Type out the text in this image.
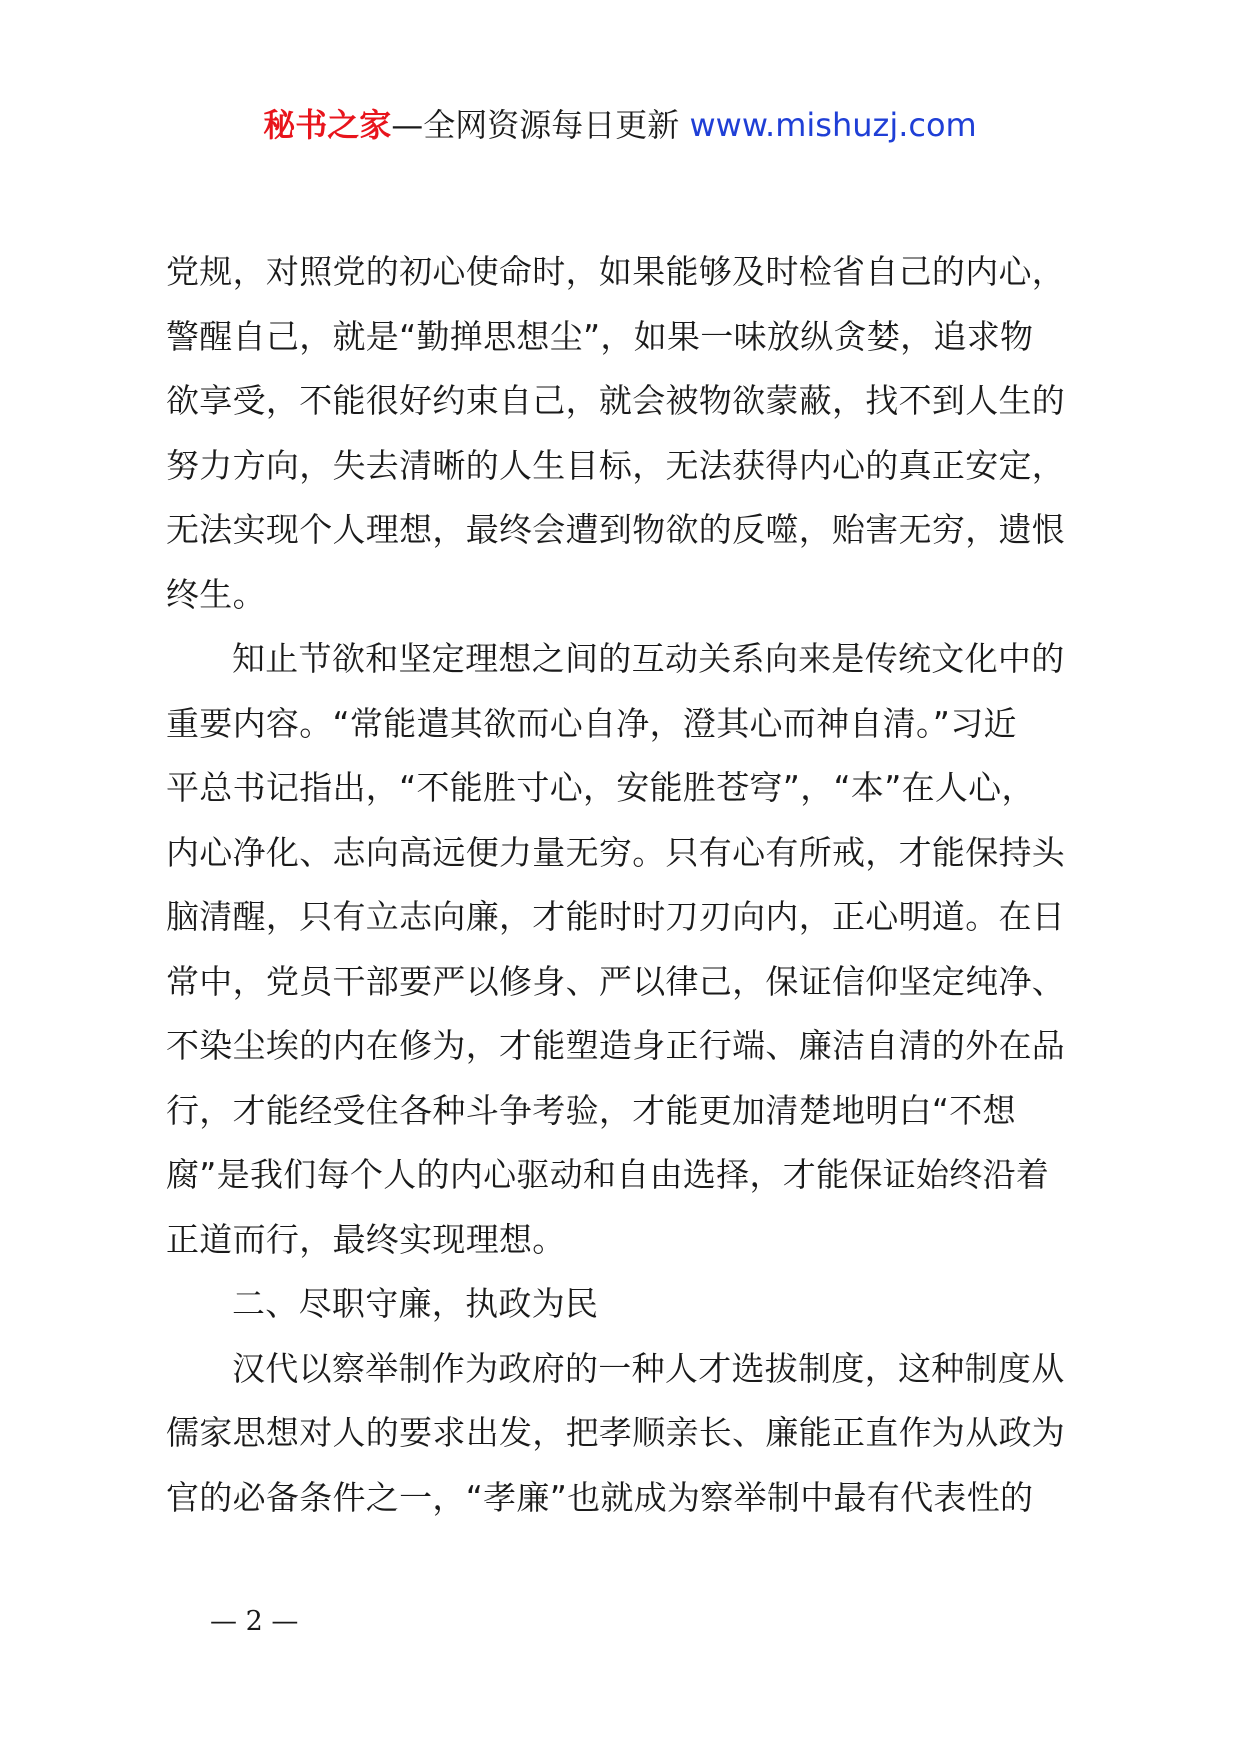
秘书之家—全网资源每日更新 www.mishuzj.com
党规，对照党的初心使命时，如果能够及时检省自己的内心，
警醒自己，就是“勤掸思想尘”，如果一味放纵贪婪，追求物
欲享受，不能很好约束自己，就会被物欲蒙蔽，找不到人生的
努力方向，失去清晰的人生目标，无法获得内心的真正安定，
无法实现个人理想，最终会遭到物欲的反噬，贻害无穷，遗恨
终生。
知止节欲和坚定理想之间的互动关系向来是传统文化中的
重要内容。“常能遣其欲而心自净，澄其心而神自清。”习近
平总书记指出，“不能胜寸心，安能胜苍穹”，“本”在人心，
内心净化、志向高远便力量无穷。只有心有所戒，才能保持头
脑清醒，只有立志向廉，才能时时刀刃向内，正心明道。在日
常中，党员干部要严以修身、严以律己，保证信仰坚定纯净、
不染尘埃的内在修为，才能塑造身正行端、廉洁自清的外在品
行，才能经受住各种斗争考验，才能更加清楚地明白“不想
腐”是我们每个人的内心驱动和自由选择，才能保证始终沿着
正道而行，最终实现理想。
二、尽职守廉，执政为民
汉代以察举制作为政府的一种人才选拔制度，这种制度从
儒家思想对人的要求出发，把孝顺亲长、廉能正直作为从政为
官的必备条件之一，“孝廉”也就成为察举制中最有代表性的
— 2 —
